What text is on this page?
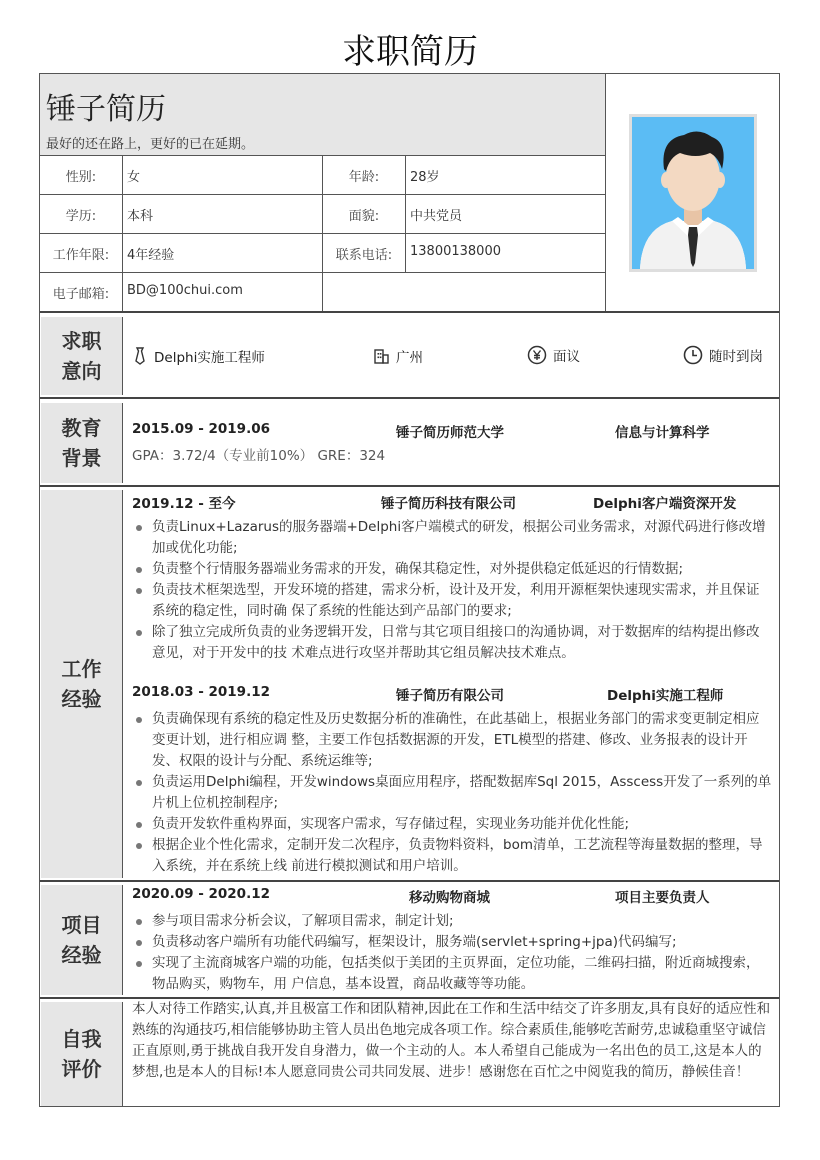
求职简历
锤子简历
最好的还在路上，更好的已在延期。
性别:	女	年龄:	28岁
学历:	本科	面貌:	中共党员
工作年限:	4年经验	联系电话:	13800138000
电子邮箱:	BD@100chui.com
求职
意向
Delphi实施工程师	广州	面议	随时到岗
教育
背景
2015.09 - 2019.06	锤子简历师范大学	信息与计算科学
GPA：3.72/4（专业前10%） GRE：324
工作
经验
2019.12 - 至今	锤子简历科技有限公司	Delphi客户端资深开发
负责Linux+Lazarus的服务器端+Delphi客户端模式的研发，根据公司业务需求，对源代码进行修改增加或优化功能;
负责整个行情服务器端业务需求的开发，确保其稳定性，对外提供稳定低延迟的行情数据;
负责技术框架选型，开发环境的搭建，需求分析，设计及开发，利用开源框架快速现实需求，并且保证系统的稳定性，同时确 保了系统的性能达到产品部门的要求;
除了独立完成所负责的业务逻辑开发，日常与其它项目组接口的沟通协调，对于数据库的结构提出修改意见，对于开发中的技 术难点进行攻坚并帮助其它组员解决技术难点。
2018.03 - 2019.12	锤子简历有限公司	Delphi实施工程师
负责确保现有系统的稳定性及历史数据分析的准确性，在此基础上，根据业务部门的需求变更制定相应变更计划，进行相应调 整，主要工作包括数据源的开发，ETL模型的搭建、修改、业务报表的设计开发、权限的设计与分配、系统运维等;
负责运用Delphi编程，开发windows桌面应用程序，搭配数据库Sql 2015，Asscess开发了一系列的单片机上位机控制程序;
负责开发软件重构界面，实现客户需求，写存储过程，实现业务功能并优化性能;
根据企业个性化需求，定制开发二次程序，负责物料资料，bom清单，工艺流程等海量数据的整理，导入系统，并在系统上线 前进行模拟测试和用户培训。
项目
经验
2020.09 - 2020.12	移动购物商城	项目主要负责人
参与项目需求分析会议，了解项目需求，制定计划;
负责移动客户端所有功能代码编写，框架设计，服务端(servlet+spring+jpa)代码编写;
实现了主流商城客户端的功能，包括类似于美团的主页界面，定位功能，二维码扫描，附近商城搜索，物品购买，购物车，用 户信息，基本设置，商品收藏等等功能。
自我
评价
本人对待工作踏实,认真,并且极富工作和团队精神,因此在工作和生活中结交了许多朋友,具有良好的适应性和熟练的沟通技巧,相信能够协助主管人员出色地完成各项工作。综合素质佳,能够吃苦耐劳,忠诚稳重坚守诚信正直原则,勇于挑战自我开发自身潜力，做一个主动的人。本人希望自己能成为一名出色的员工,这是本人的梦想,也是本人的目标!本人愿意同贵公司共同发展、进步！感谢您在百忙之中阅览我的简历，静候佳音！
